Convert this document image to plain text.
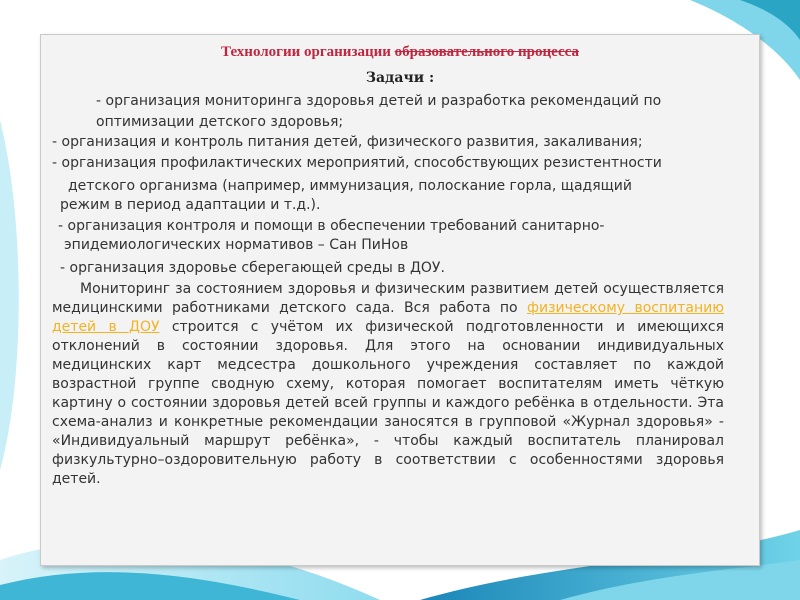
Технологии организации образовательного процесса
Задачи :
- организация мониторинга здоровья детей и разработка рекомендаций по
оптимизации детского здоровья;
- организация и контроль питания детей, физического развития, закаливания;
- организация профилактических мероприятий, способствующих резистентности
детского организма (например, иммунизация, полоскание горла, щадящий
режим в период адаптации и т.д.).
- организация контроля и помощи в обеспечении требований санитарно-
эпидемиологических нормативов – Сан ПиНов
- организация здоровье сберегающей среды в ДОУ.
Мониторинг за состоянием здоровья и физическим развитием детей осуществляется медицинскими работниками детского сада. Вся работа по физическому воспитанию детей в ДОУ строится с учётом их физической подготовленности и имеющихся отклонений в состоянии здоровья. Для этого на основании индивидуальных медицинских карт медсестра дошкольного учреждения составляет по каждой возрастной группе сводную схему, которая помогает воспитателям иметь чёткую картину о состоянии здоровья детей всей группы и каждого ребёнка в отдельности. Эта схема-анализ и конкретные рекомендации заносятся в групповой «Журнал здоровья» - «Индивидуальный маршрут ребёнка», - чтобы каждый воспитатель планировал физкультурно–оздоровительную работу в соответствии с особенностями здоровья детей.
